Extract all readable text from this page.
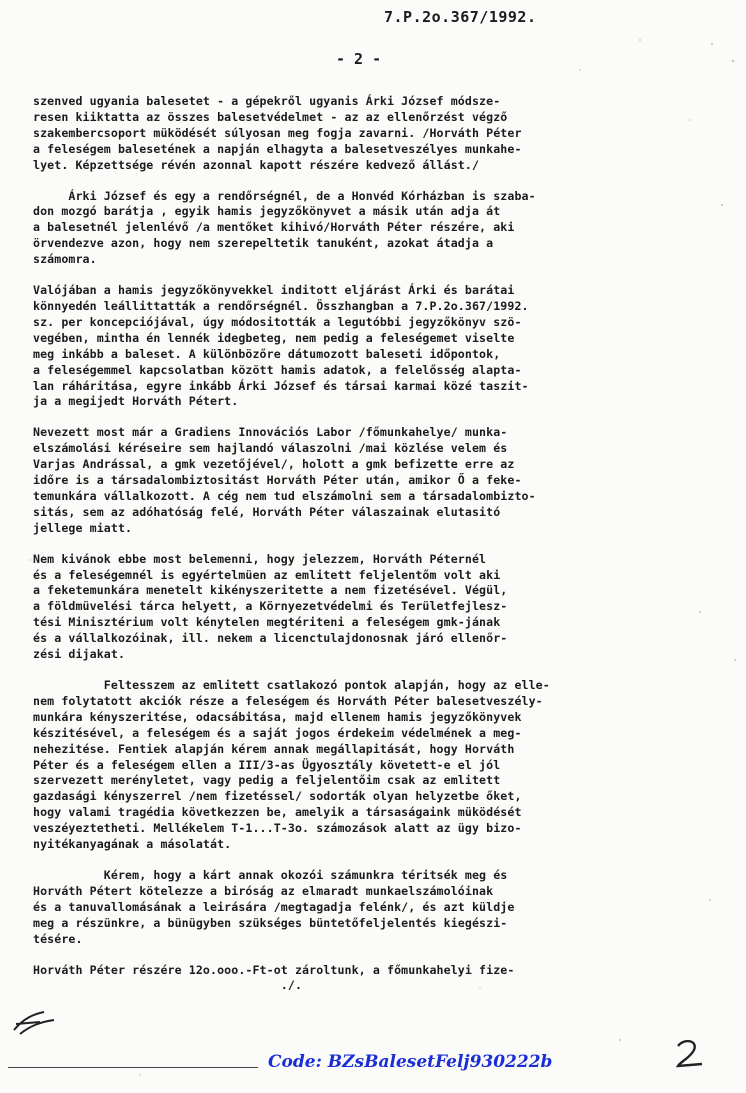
7.P.2o.367/1992.
- 2 -
szenved ugyania balesetet - a gépekről ugyanis Árki József módsze-
resen kiiktatta az összes balesetvédelmet - az az ellenőrzést végző
szakembercsoport müködését súlyosan meg fogja zavarni. /Horváth Péter
a feleségem balesetének a napján elhagyta a balesetveszélyes munkahe-
lyet. Képzettsége révén azonnal kapott részére kedvező állást./
Árki József és egy a rendőrségnél, de a Honvéd Kórházban is szaba-
don mozgó barátja , egyik hamis jegyzőkönyvet a másik után adja át
a balesetnél jelenlévő /a mentőket kihivó/Horváth Péter részére, aki
örvendezve azon, hogy nem szerepeltetik tanuként, azokat átadja a
számomra.
Valójában a hamis jegyzőkönyvekkel inditott eljárást Árki és barátai
könnyedén leállittatták a rendőrségnél. Összhangban a 7.P.2o.367/1992.
sz. per koncepciójával, úgy módositották a legutóbbi jegyzőkönyv szö-
vegében, mintha én lennék idegbeteg, nem pedig a feleségemet viselte
meg inkább a baleset. A különbözőre dátumozott baleseti időpontok,
a feleségemmel kapcsolatban között hamis adatok, a felelősség alapta-
lan ráháritása, egyre inkább Árki József és társai karmai közé taszit-
ja a megijedt Horváth Pétert.
Nevezett most már a Gradiens Innovációs Labor /főmunkahelye/ munka-
elszámolási kéréseire sem hajlandó válaszolni /mai közlése velem és
Varjas Andrással, a gmk vezetőjével/, holott a gmk befizette erre az
időre is a társadalombiztositást Horváth Péter után, amikor Ő a feke-
temunkára vállalkozott. A cég nem tud elszámolni sem a társadalombizto-
sitás, sem az adóhatóság felé, Horváth Péter válaszainak elutasitó
jellege miatt.
Nem kivánok ebbe most belemenni, hogy jelezzem, Horváth Péternél
és a feleségemnél is egyértelmüen az emlitett feljelentőm volt aki
a feketemunkára menetelt kikényszeritette a nem fizetésével. Végül,
a földmüvelési tárca helyett, a Környezetvédelmi és Területfejlesz-
tési Minisztérium volt kénytelen megtériteni a feleségem gmk-jának
és a vállalkozóinak, ill. nekem a licenctulajdonosnak járó ellenőr-
zési dijakat.
Feltesszem az emlitett csatlakozó pontok alapján, hogy az elle-
nem folytatott akciók része a feleségem és Horváth Péter balesetveszély-
munkára kényszeritése, odacsábitása, majd ellenem hamis jegyzőkönyvek
készitésével, a feleségem és a saját jogos érdekeim védelmének a meg-
nehezitése. Fentiek alapján kérem annak megállapitását, hogy Horváth
Péter és a feleségem ellen a III/3-as Ügyosztály követett-e el jól
szervezett merényletet, vagy pedig a feljelentőim csak az emlitett
gazdasági kényszerrel /nem fizetéssel/ sodorták olyan helyzetbe őket,
hogy valami tragédia következzen be, amelyik a társaságaink müködését
veszéyeztetheti. Mellékelem T-1...T-3o. számozások alatt az ügy bizo-
nyitékanyagának a másolatát.
Kérem, hogy a kárt annak okozói számunkra téritsék meg és
Horváth Pétert kötelezze a biróság az elmaradt munkaelszámolóinak
és a tanuvallomásának a leirására /megtagadja felénk/, és azt küldje
meg a részünkre, a bünügyben szükséges büntetőfeljelentés kiegészi-
tésére.
Horváth Péter részére 12o.ooo.-Ft-ot zároltunk, a főmunkahelyi fize-
./.
Code: BZsBalesetFelj930222b
